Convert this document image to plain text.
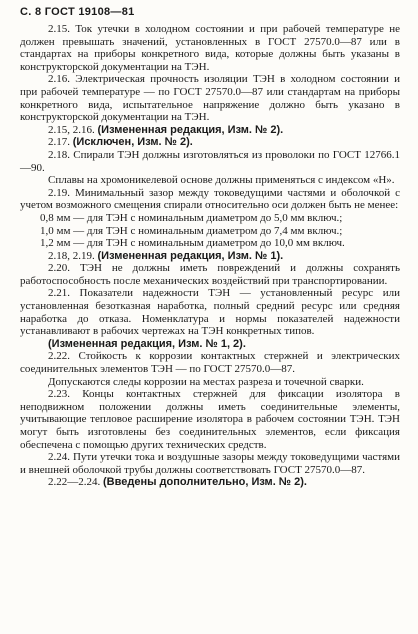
С. 8 ГОСТ 19108—81

2.15. Ток утечки в холодном состоянии и при рабочей температуре не должен превышать значений, установленных в ГОСТ 27570.0—87 или в стандартах на приборы конкретного вида, которые должны быть указаны в конструкторской документации на ТЭН.

2.16. Электрическая прочность изоляции ТЭН в холодном состоянии и при рабочей температуре — по ГОСТ 27570.0—87 или стандартам на приборы конкретного вида, испытательное напряжение должно быть указано в конструкторской документации на ТЭН.

2.15, 2.16. (Измененная редакция, Изм. № 2).

2.17. (Исключен, Изм. № 2).

2.18. Спирали ТЭН должны изготовляться из проволоки по ГОСТ 12766.1—90.

Сплавы на хромоникелевой основе должны применяться с индексом «Н».

2.19. Минимальный зазор между токоведущими частями и оболочкой с учетом возможного смещения спирали относительно оси должен быть не менее:

0,8 мм — для ТЭН с номинальным диаметром до 5,0 мм включ.;
1,0 мм — для ТЭН с номинальным диаметром до 7,4 мм включ.;
1,2 мм — для ТЭН с номинальным диаметром до 10,0 мм включ.

2.18, 2.19. (Измененная редакция, Изм. № 1).

2.20. ТЭН не должны иметь повреждений и должны сохранять работоспособность после механических воздействий при транспортировании.

2.21. Показатели надежности ТЭН — установленный ресурс или установленная безотказная наработка, полный средний ресурс или средняя наработка до отказа. Номенклатура и нормы показателей надежности устанавливают в рабочих чертежах на ТЭН конкретных типов.

(Измененная редакция, Изм. № 1, 2).

2.22. Стойкость к коррозии контактных стержней и электрических соединительных элементов ТЭН — по ГОСТ 27570.0—87.

Допускаются следы коррозии на местах разреза и точечной сварки.

2.23. Концы контактных стержней для фиксации изолятора в неподвижном положении должны иметь соединительные элементы, учитывающие тепловое расширение изолятора в рабочем состоянии ТЭН. ТЭН могут быть изготовлены без соединительных элементов, если фиксация обеспечена с помощью других технических средств.

2.24. Пути утечки тока и воздушные зазоры между токоведущими частями и внешней оболочкой трубы должны соответствовать ГОСТ 27570.0—87.

2.22—2.24. (Введены дополнительно, Изм. № 2).
